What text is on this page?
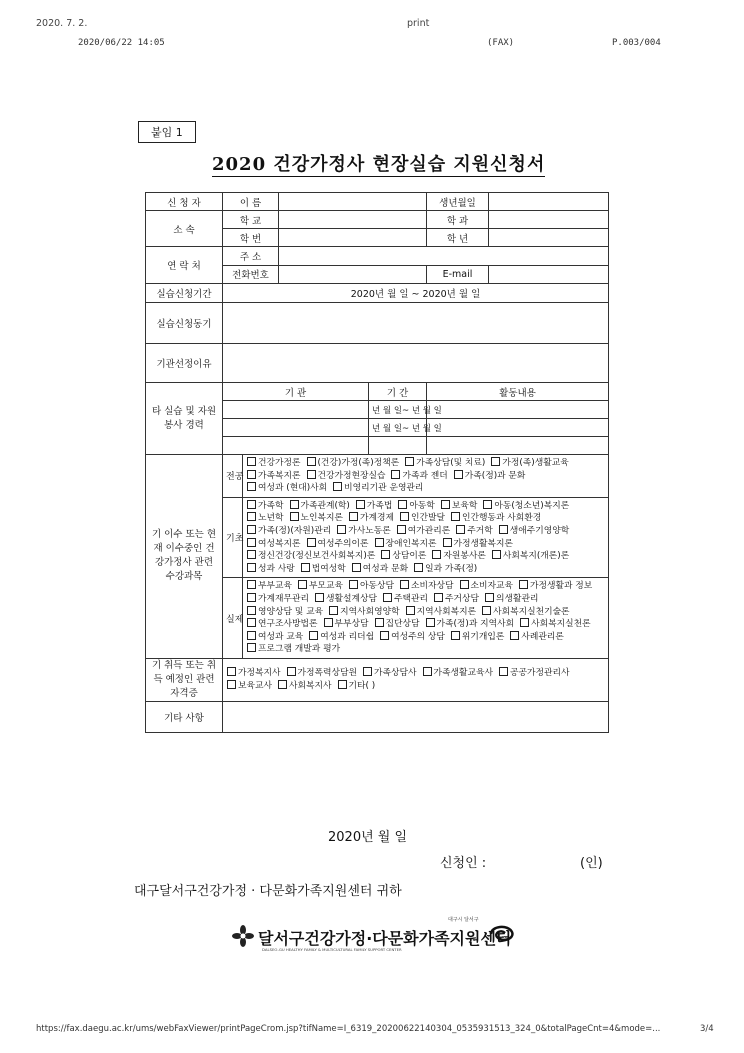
2020. 7. 2.	print
2020/06/22 14:05	(FAX)	P.003/004
붙임 1
2020 건강가정사 현장실습 지원신청서
신 청 자	이 름				생년월일	
소 속	학 교				학 과	
	학 번				학 년	
연 락 처	주 소					
	전화번호				E-mail	
실습신청기간	2020년 월 일 ~ 2020년 월 일					
실습신청동기						
기관선정이유						
타 실습 및 자원봉사 경력	기 관			기 간	활동내용	
				년 월 일~ 년 월 일		
				년 월 일~ 년 월 일		

기 이수 또는 현재 이수중인 건강가정사 관련 수강과목	전공	건강가정론 (건강)가정(족)정책론 가족상담(및 치료) 가정(족)생활교육가족복지론 건강가정현장실습 가족과 젠더 가족(정)과 문화여성과 (현대)사회 비영리기관 운영관리				
	기초	가족학 가족관계(학) 가족법 아동학 보육학 아동(청소년)복지론노년학 노인복지론 가계경제 인간발달 인간행동과 사회환경가족(정)(자원)관리 가사노동론 여가관리론 주거학 생애주기영양학여성복지론 여성주의이론 장애인복지론 가정생활복지론정신건강(정신보건사회복지)론 상담이론 자원봉사론 사회복지(개론)론성과 사랑 법여성학 여성과 문화 일과 가족(정)				
	실제	부부교육 부모교육 아동상담 소비자상담 소비자교육 가정생활과 정보가계재무관리 생활설계상담 주택관리 주거상담 의생활관리영양상담 및 교육 지역사회영양학 지역사회복지론 사회복지실천기술론연구조사방법론 부부상담 집단상담 가족(정)과 지역사회 사회복지실천론여성과 교육 여성과 리더쉽 여성주의 상담 위기개입론 사례관리론프로그램 개발과 평가				
기 취득 또는 취득 예정인 관련 자격증	가정복지사 가정폭력상담원 가족상담사 가족생활교육사 공공가정관리사보육교사 사회복지사 기타( )					
기타 사항						
2020년 월 일
신청인 :	(인)
대구달서구건강가정 · 다문화가족지원센터 귀하
달서구건강가정·다문화가족지원센터
DALSEO-GU HEALTHY FAMILY & MULTICULTURAL FAMILY SUPPORT CENTER
대구시 달서구
https://fax.daegu.ac.kr/ums/webFaxViewer/printPageCrom.jsp?tifName=I_6319_20200622140304_0535931513_324_0&totalPageCnt=4&mode=...	3/4
